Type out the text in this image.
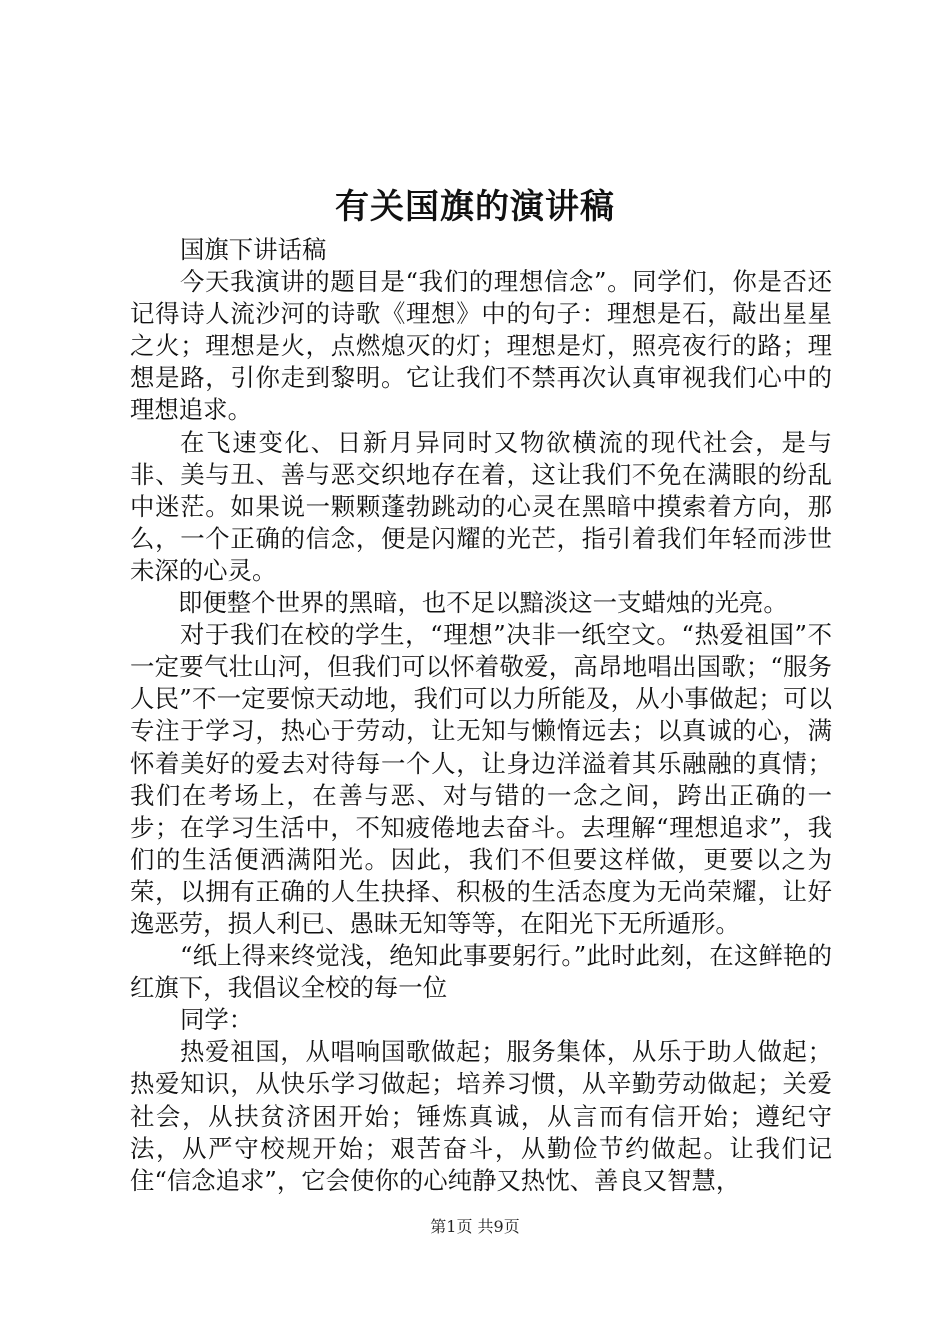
有关国旗的演讲稿

国旗下讲话稿

今天我演讲的题目是“我们的理想信念”。同学们，你是否还记得诗人流沙河的诗歌《理想》中的句子：理想是石，敲出星星之火；理想是火，点燃熄灭的灯；理想是灯，照亮夜行的路；理想是路，引你走到黎明。它让我们不禁再次认真审视我们心中的理想追求。

在飞速变化、日新月异同时又物欲横流的现代社会，是与非、美与丑、善与恶交织地存在着，这让我们不免在满眼的纷乱中迷茫。如果说一颗颗蓬勃跳动的心灵在黑暗中摸索着方向，那么，一个正确的信念，便是闪耀的光芒，指引着我们年轻而涉世未深的心灵。

即便整个世界的黑暗，也不足以黯淡这一支蜡烛的光亮。

对于我们在校的学生，“理想”决非一纸空文。“热爱祖国”不一定要气壮山河，但我们可以怀着敬爱，高昂地唱出国歌；“服务人民”不一定要惊天动地，我们可以力所能及，从小事做起；可以专注于学习，热心于劳动，让无知与懒惰远去；以真诚的心，满怀着美好的爱去对待每一个人，让身边洋溢着其乐融融的真情；我们在考场上，在善与恶、对与错的一念之间，跨出正确的一步；在学习生活中，不知疲倦地去奋斗。去理解“理想追求”，我们的生活便洒满阳光。因此，我们不但要这样做，更要以之为荣，以拥有正确的人生抉择、积极的生活态度为无尚荣耀，让好逸恶劳，损人利已、愚昧无知等等，在阳光下无所遁形。

“纸上得来终觉浅，绝知此事要躬行。”此时此刻，在这鲜艳的红旗下，我倡议全校的每一位

同学：

热爱祖国，从唱响国歌做起；服务集体，从乐于助人做起；热爱知识，从快乐学习做起；培养习惯，从辛勤劳动做起；关爱社会，从扶贫济困开始；锤炼真诚，从言而有信开始；遵纪守法，从严守校规开始；艰苦奋斗，从勤俭节约做起。让我们记住“信念追求”，它会使你的心纯静又热忱、善良又智慧，

第1页 共9页
